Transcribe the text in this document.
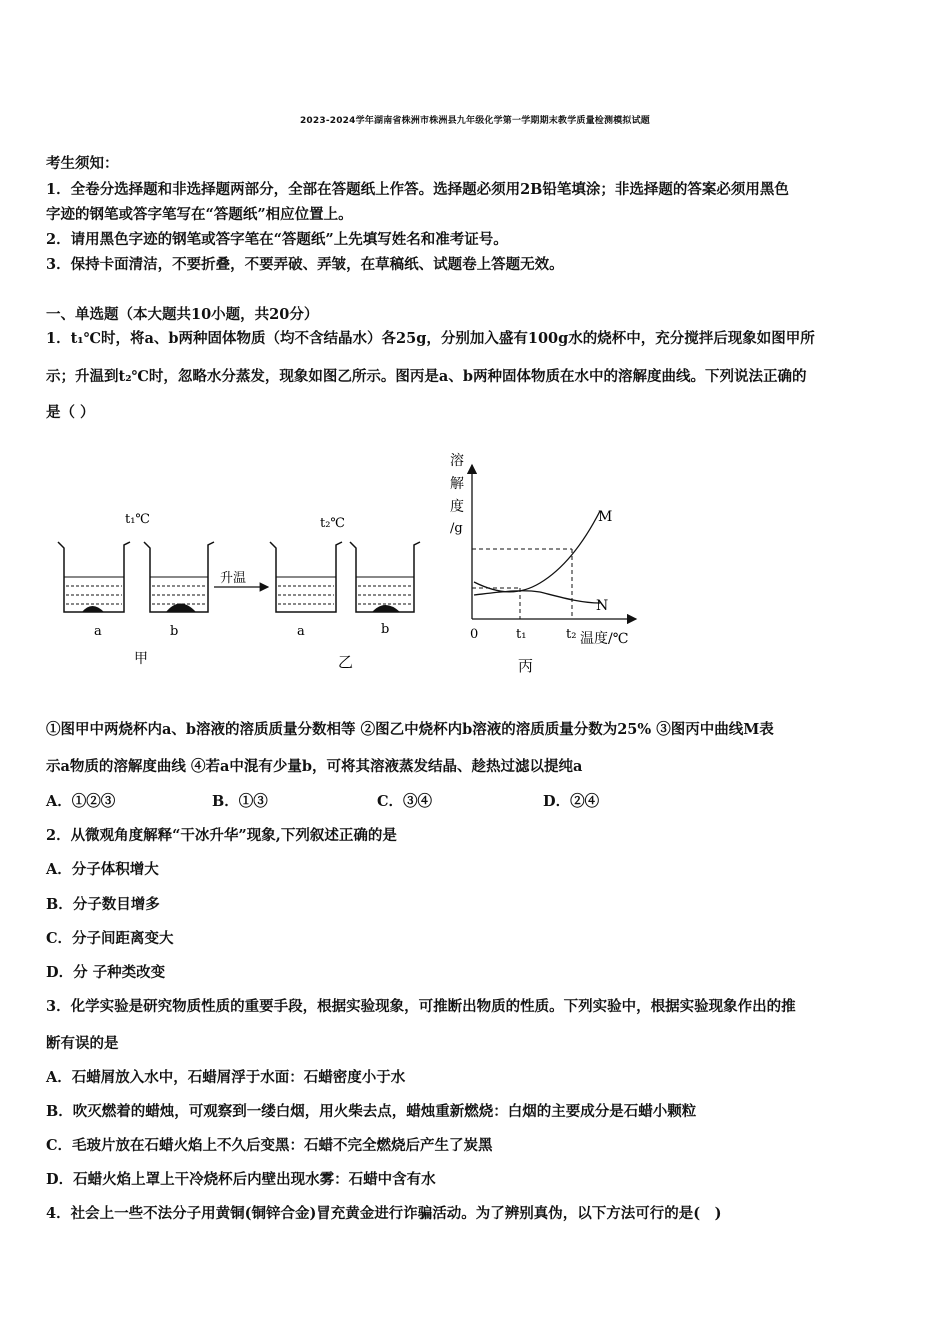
2023-2024学年湖南省株洲市株洲县九年级化学第一学期期末教学质量检测模拟试题
考生须知：
1．全卷分选择题和非选择题两部分，全部在答题纸上作答。选择题必须用2B铅笔填涂；非选择题的答案必须用黑色
字迹的钢笔或答字笔写在“答题纸”相应位置上。
2．请用黑色字迹的钢笔或答字笔在“答题纸”上先填写姓名和准考证号。
3．保持卡面清洁，不要折叠，不要弄破、弄皱，在草稿纸、试题卷上答题无效。
一、单选题（本大题共10小题，共20分）
1．t₁℃时，将a、b两种固体物质（均不含结晶水）各25g，分别加入盛有100g水的烧杯中，充分搅拌后现象如图甲所
示；升温到t₂℃时，忽略水分蒸发，现象如图乙所示。图丙是a、b两种固体物质在水中的溶解度曲线。下列说法正确的
是（ ）
t₁℃	t₂℃
a	b
甲
升温
a	b
乙
溶
解
度
/g
0	t₁	t₂ 温度/℃
M
N
丙
①图甲中两烧杯内a、b溶液的溶质质量分数相等 ②图乙中烧杯内b溶液的溶质质量分数为25% ③图丙中曲线M表
示a物质的溶解度曲线 ④若a中混有少量b，可将其溶液蒸发结晶、趁热过滤以提纯a
A．①②③	B．①③	C．③④	D．②④
2．从微观角度解释“干冰升华”现象,下列叙述正确的是
A．分子体积增大
B．分子数目增多
C．分子间距离变大
D．分 子种类改变
3．化学实验是研究物质性质的重要手段，根据实验现象，可推断出物质的性质。下列实验中，根据实验现象作出的推
断有误的是
A．石蜡屑放入水中，石蜡屑浮于水面：石蜡密度小于水
B．吹灭燃着的蜡烛，可观察到一缕白烟，用火柴去点，蜡烛重新燃烧：白烟的主要成分是石蜡小颗粒
C．毛玻片放在石蜡火焰上不久后变黑：石蜡不完全燃烧后产生了炭黑
D．石蜡火焰上罩上干冷烧杯后内壁出现水雾：石蜡中含有水
4．社会上一些不法分子用黄铜(铜锌合金)冒充黄金进行诈骗活动。为了辨别真伪，以下方法可行的是(　)
